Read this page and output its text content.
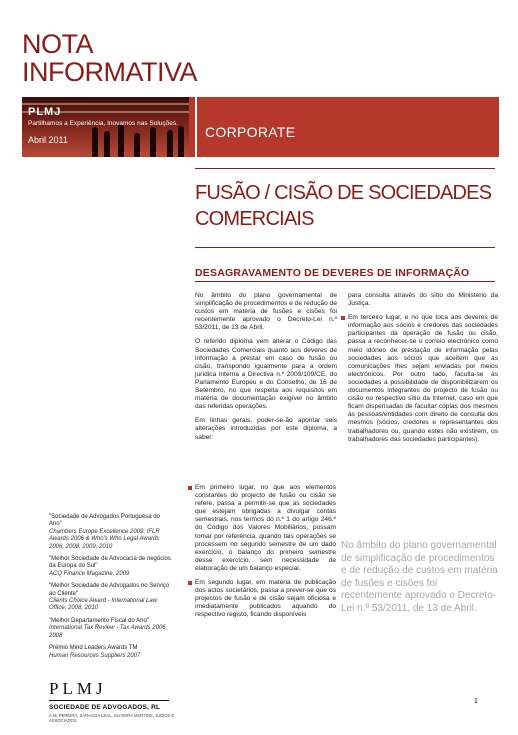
NOTA
INFORMATIVA
PLMJ
Partilhamos a Experiência, Inovamos nas Soluções.
Abril 2011	CORPORATE
FUSÃO / CISÃO DE SOCIEDADES
COMERCIAIS
DESAGRAVAMENTO DE DEVERES DE INFORMAÇÃO

No âmbito do plano governamental de simplificação de procedimentos e de redução de custos em matéria de fusões e cisões foi recentemente aprovado o Decreto-Lei n.º 53/2011, de 13 de Abril.

O referido diploma vem alterar o Código das Sociedades Comerciais quanto aos deveres de informação a prestar em caso de fusão ou cisão, transpondo igualmente para a ordem jurídica interna a Directiva n.º 2009/109/CE, do Parlamento Europeu e do Conselho, de 16 de Setembro, no que respeita aos requisitos em matéria de documentação exigível no âmbito das referidas operações.

Em linhas gerais, poder-se-ão apontar seis alterações introduzidas por este diploma, a saber:

Em primeiro lugar, no que aos elementos constantes do projecto de fusão ou cisão se refere, passa a permitir-se que as sociedades que estejam obrigadas a divulgar contas semestrais, nos termos do n.º 1 do artigo 246.º do Código dos Valores Mobiliários, possam tomar por referência, quando tais operações se processem no segundo semestre de um dado exercício, o balanço do primeiro semestre desse exercício, sem necessidade de elaboração de um balanço especial.

Em segundo lugar, em matéria de publicação dos actos societários, passa a prever-se que os projectos de fusão e de cisão sejam oficiosa e imediatamente publicados aquando do respectivo registo, ficando disponíveis

para consulta através do sítio do Ministério da Justiça.

Em terceiro lugar, e no que toca aos deveres de informação aos sócios e credores das sociedades participantes da operação de fusão ou cisão, passa a reconhecer-se o correio electrónico como meio idóneo de prestação de informação pelas sociedades aos sócios que aceitem que as comunicações lhes sejam enviadas por meios electrónicos. Por outro lado, faculta-se às sociedades a possibilidade de disponibilizarem os documentos integrantes do projecto de fusão ou cisão no respectivo sítio da Internet, caso em que ficam dispensadas de facultar cópias dos mesmos às pessoas/entidades com direito de consulta dos mesmos (sócios, credores e representantes dos trabalhadores ou, quando estes não existirem, os trabalhadores das sociedades participantes).

No âmbito do plano governamental de simplificação de procedimentos e de redução de custos em matéria de fusões e cisões foi recentemente aprovado o Decreto-Lei n.º 53/2011, de 13 de Abril.
"Sociedade de Advogados Portuguesa do Ano"
Chambers Europe Excellence 2009, IFLR Awards 2006 & Who's Who Legal Awards 2006, 2008, 2009, 2010
"Melhor Sociedade de Advocacia de negócios da Europa do Sul"
ACQ Finance Magazine, 2009
"Melhor Sociedade de Advogados no Serviço ao Cliente"
Clients Choice Award - International Law Office, 2008, 2010
"Melhor Departamento Fiscal do Ano"
International Tax Review - Tax Awards 2006, 2008
Prémio Mind Leaders Awards TM
Human Resources Suppliers 2007
PLMJ
SOCIEDADE DE ADVOGADOS, RL
A.M. PEREIRA, SÁRAGGA LEAL, OLIVEIRA MARTINS, JÚDICE E ASSOCIADOS
1
